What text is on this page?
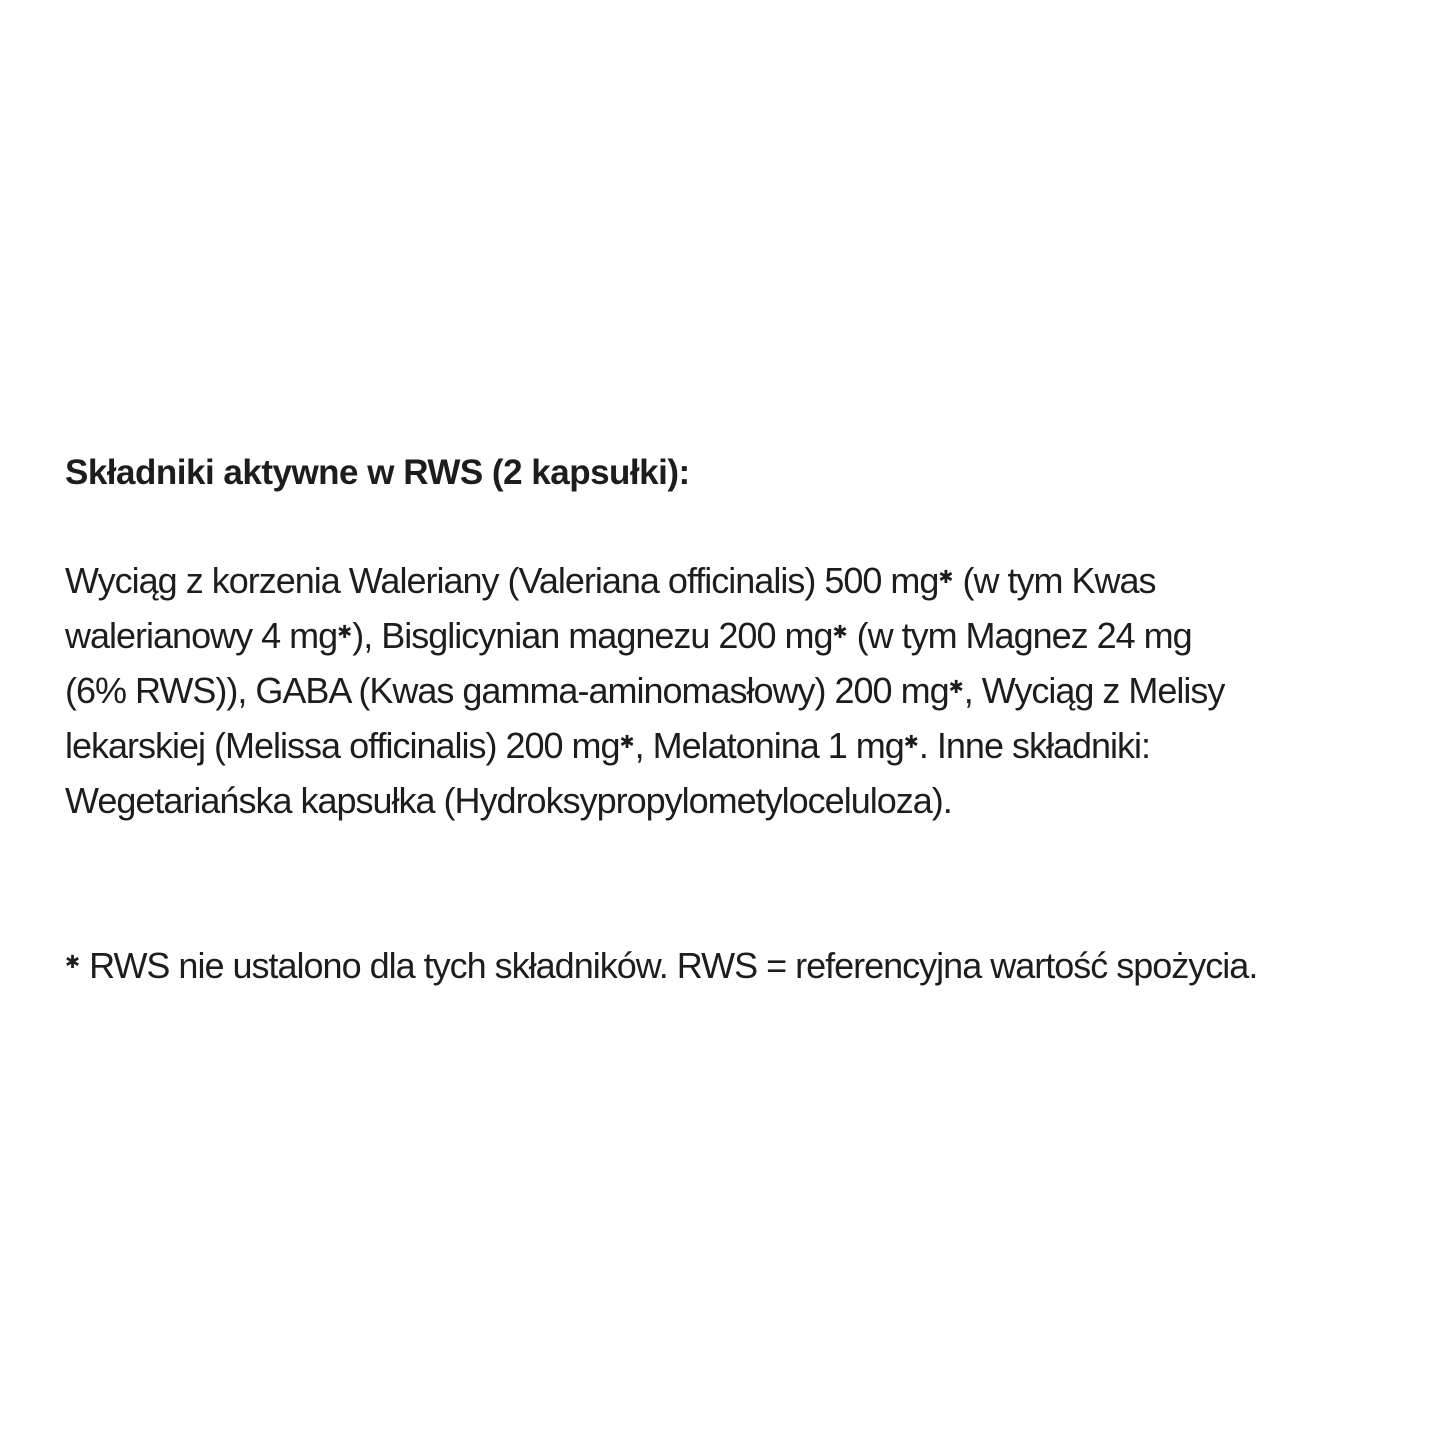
Składniki aktywne w RWS (2 kapsułki):
Wyciąg z korzenia Waleriany (Valeriana officinalis) 500 mg✱ (w tym Kwas
walerianowy 4 mg✱), Bisglicynian magnezu 200 mg✱ (w tym Magnez 24 mg
(6% RWS)), GABA (Kwas gamma-aminomasłowy) 200 mg✱, Wyciąg z Melisy
lekarskiej (Melissa officinalis) 200 mg✱, Melatonina 1 mg✱. Inne składniki:
Wegetariańska kapsułka (Hydroksypropylometyloceluloza).
✱ RWS nie ustalono dla tych składników. RWS = referencyjna wartość spożycia.
